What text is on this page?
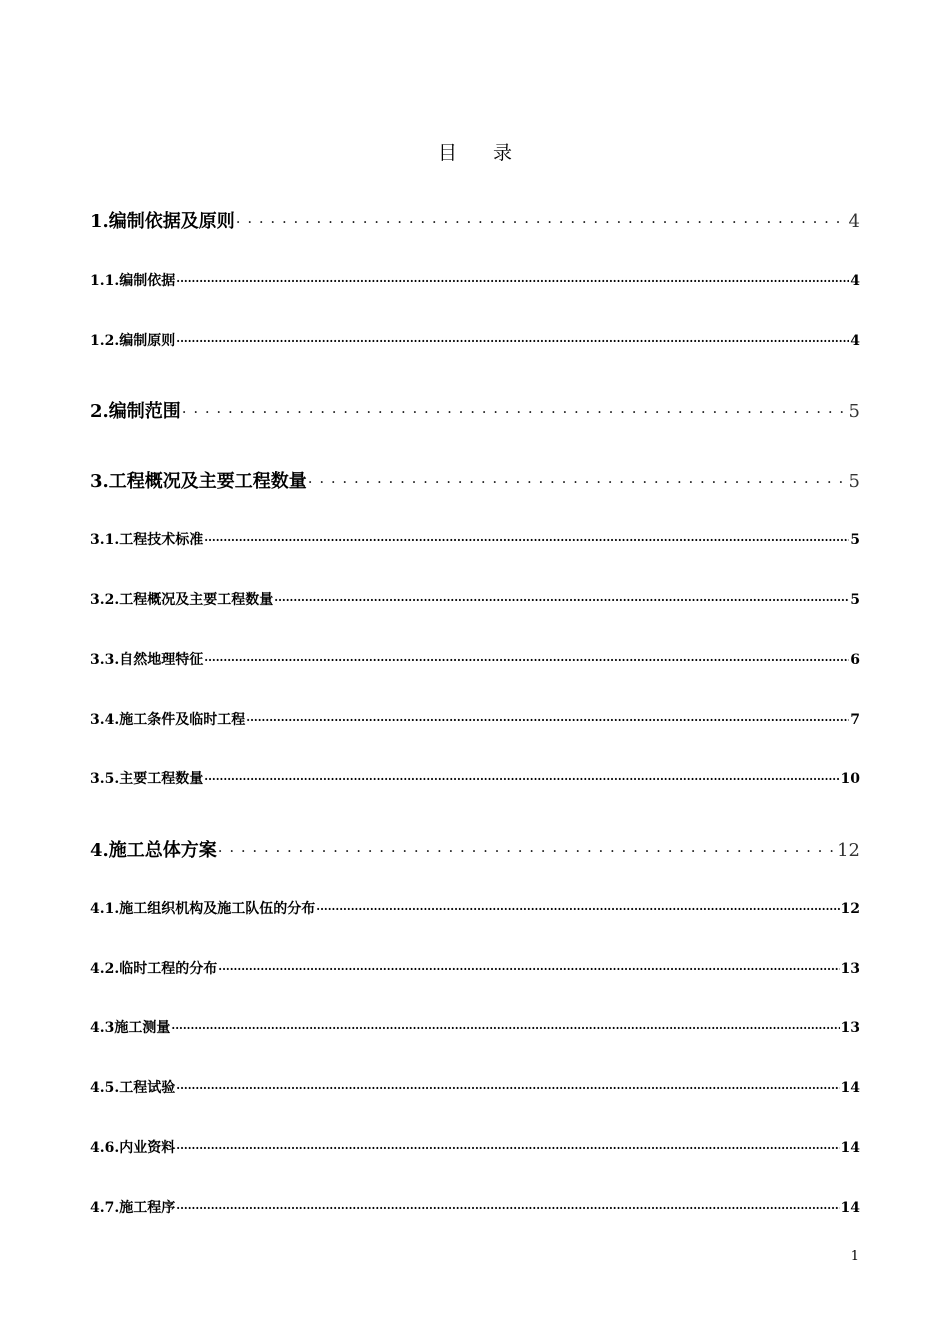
目 录
1.编制依据及原则 . . .	4
1.1.编制依据 .....	4
1.2.编制原则 .....	4
2.编制范围 . . .	5
3.工程概况及主要工程数量 . . .	5
3.1.工程技术标准 .....	5
3.2.工程概况及主要工程数量 .....	5
3.3.自然地理特征 .....	6
3.4.施工条件及临时工程 .....	7
3.5.主要工程数量 .....	10
4.施工总体方案 . . .	12
4.1.施工组织机构及施工队伍的分布 .....	12
4.2.临时工程的分布 .....	13
4.3施工测量 .....	13
4.5.工程试验 .....	14
4.6.内业资料 .....	14
4.7.施工程序 .....	14
1
